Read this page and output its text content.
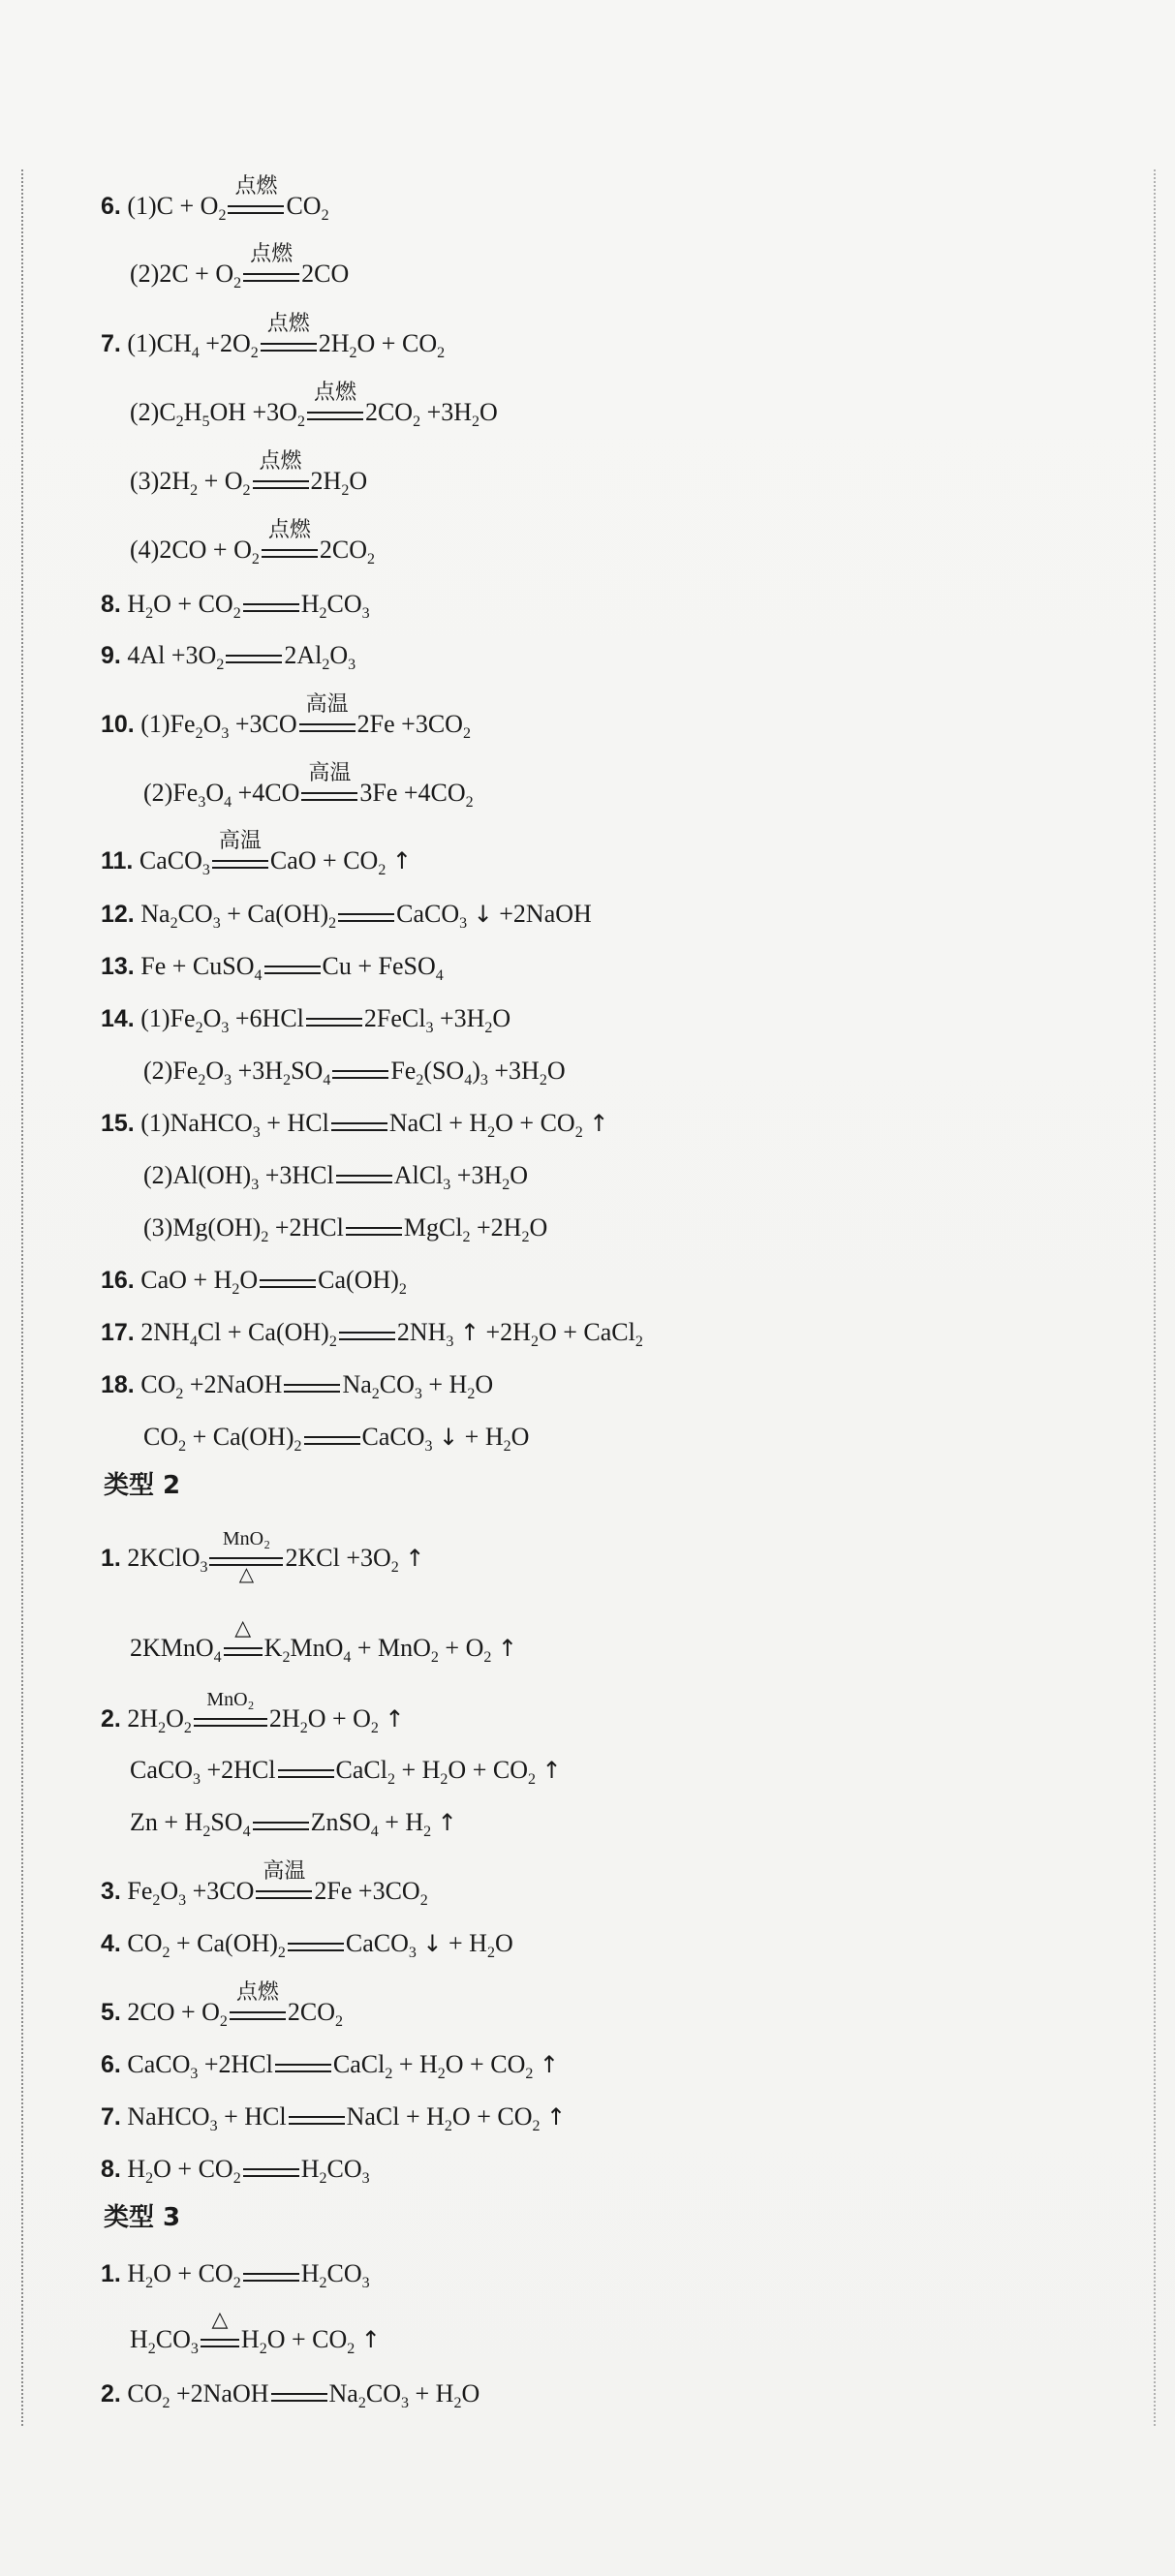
6. $(1)C + O_2$
点燃
$CO_2$
$(2)2C + O_2$
点燃
2CO
7. $(1)CH_4 +2O_2$
点燃
$2H_2O + CO_2$
$(2)C_2H_5OH +3O_2$
点燃
$2CO_2 +3H_2O$
$(3)2H_2 + O_2$
点燃
$2H_2O$
$(4)2CO + O_2$
点燃
$2CO_2$
8. $H_2O + CO_2$ $H_2CO_3$
9. $4Al +3O_2$ $2Al_2O_3$
10. $(1)Fe_2O_3 +3CO$
高温
$2Fe +3CO_2$
$(2)Fe_3O_4 +4CO$
高温
$3Fe +4CO_2$
11. CaCO$_3$
高温
CaO + $CO_2$ ↑
12. $Na_2CO_3 + Ca(OH)_2$ CaCO$_3$ ↓ +2NaOH
13. Fe + CuSO$_4$ Cu + FeSO$_4$
14. $(1)Fe_2O_3 +6HCl$ 2FeCl$_3$ $+3H_2O$
$(2)Fe_2O_3 +3H_2SO_4$ $Fe_2(SO_4)_3 +3H_2O$
15. (1)NaHCO$_3$ + HCl NaCl + $H_2O + CO_2$ ↑
$(2)Al(OH)_3 +3HCl$ AlCl$_3$ $+3H_2O$
$(3)Mg(OH)_2 +2HCl$ MgCl$_2$ $+2H_2O$
16. CaO + $H_2O$ $Ca(OH)_2$
17. $2NH_4Cl + Ca(OH)_2$ $2NH_3$ ↑ $+2H_2O$ + CaCl$_2$
18. $CO_2$ +2NaOH $Na_2CO_3 + H_2O$
$CO_2 + Ca(OH)_2$ CaCO$_3$ ↓ + $H_2O$
类型 2
1. 2KClO$_3$
MnO₂
△
$2KCl +3O_2$ ↑
2KMnO$_4$
△
$K_2MnO_4 + MnO_2 + O_2$ ↑
2. $2H_2O_2$
MnO₂
$2H_2O + O_2$ ↑
CaCO$_3$ +2HCl CaCl$_2$ + $H_2O + CO_2$ ↑
$Zn + H_2SO_4$ ZnSO$_4$ + $H_2$ ↑
3. $Fe_2O_3 +3CO$
高温
$2Fe +3CO_2$
4. $CO_2 + Ca(OH)_2$ CaCO$_3$ ↓ + $H_2O$
5. $2CO + O_2$
点燃
$2CO_2$
6. CaCO$_3$ +2HCl CaCl$_2$ + $H_2O + CO_2$ ↑
7. NaHCO$_3$ + HCl NaCl + $H_2O + CO_2$ ↑
8. $H_2O + CO_2$ $H_2CO_3$
类型 3
1. $H_2O + CO_2$ $H_2CO_3$
$H_2CO_3$
△
$H_2O + CO_2$ ↑
2. $CO_2$ +2NaOH $Na_2CO_3 + H_2O$
